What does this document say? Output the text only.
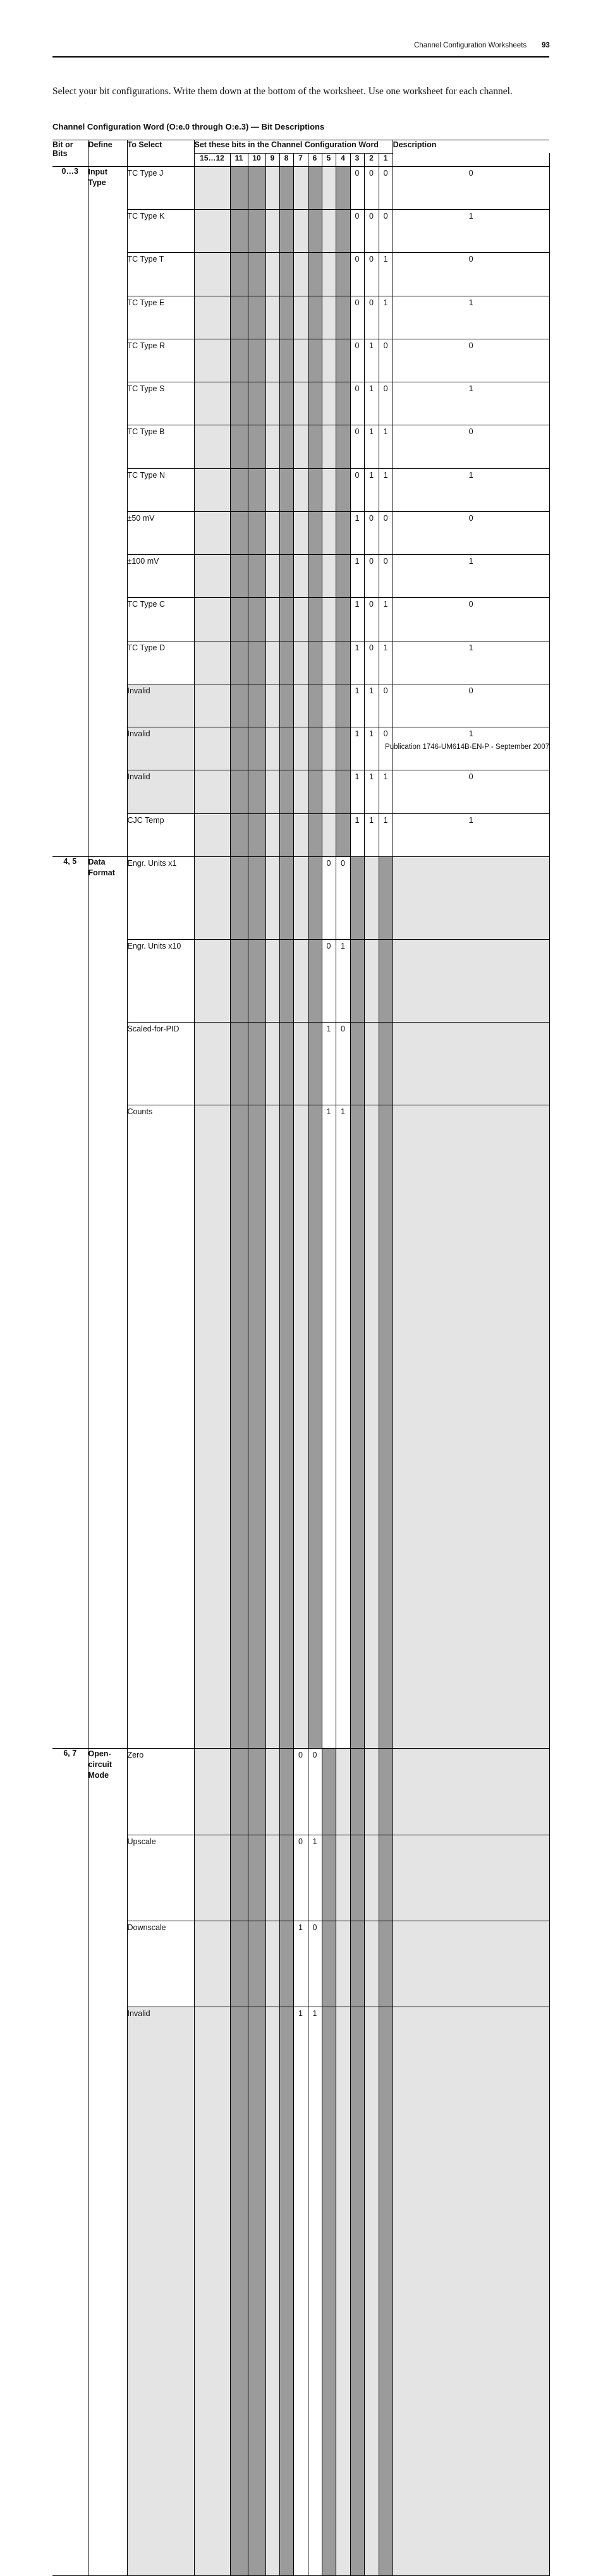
Channel Configuration Worksheets 93
Select your bit configurations. Write them down at the bottom of the worksheet. Use one worksheet for each channel.
Channel Configuration Word (O:e.0 through O:e.3) — Bit Descriptions
Bit or Bits	Define	To Select	Set these bits in the Channel Configuration Word												Description	
			15…12	11	10	9	8	7	6	5	4	3	2	1	
0…3	Input Type	TC Type J										0	0	0	0	

		TC Type K										0	0	0	1	
		TC Type T										0	0	1	0	
		TC Type E										0	0	1	1	
		TC Type R										0	1	0	0	
		TC Type S										0	1	0	1	
		TC Type B										0	1	1	0	
		TC Type N										0	1	1	1	
		±50 mV										1	0	0	0	
		±100 mV										1	0	0	1	
		TC Type C										1	0	1	0	
		TC Type D										1	0	1	1	
		Invalid										1	1	0	0	
		Invalid										1	1	0	1	
		Invalid										1	1	1	0	
		CJC Temp										1	1	1	1	
4, 5	Data Format	Engr. Units x1								0	0					
		Engr. Units x10								0	1					
		Scaled-for-PID								1	0					
		Counts								1	1					
6, 7	Open-circuit Mode	Zero						0	0							
		Upscale						0	1							
		Downscale						1	0							
		Invalid						1	1							
Publication 1746-UM614B-EN-P - September 2007
